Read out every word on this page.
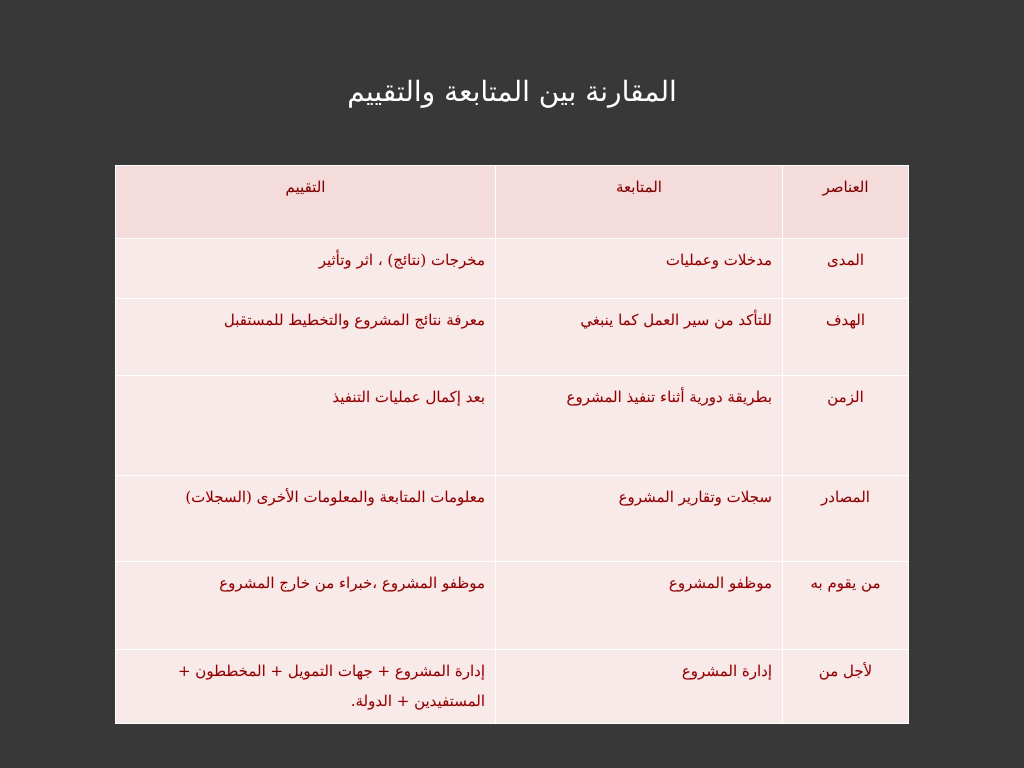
المقارنة بين المتابعة والتقييم
العناصر	المتابعة	التقييم
المدى	مدخلات وعمليات	مخرجات (نتائج) ، اثر وتأثير
الهدف	للتأكد من سير العمل كما ينبغي	معرفة نتائج المشروع والتخطيط للمستقبل
الزمن	بطريقة دورية أثناء تنفيذ المشروع	بعد إكمال عمليات التنفيذ
المصادر	سجلات وتقارير المشروع	معلومات المتابعة والمعلومات الأخرى (السجلات)
من يقوم به	موظفو المشروع	موظفو المشروع ،خبراء من خارج المشروع
لأجل من	إدارة المشروع	إدارة المشروع + جهات التمويل + المخططون + المستفيدين + الدولة.
